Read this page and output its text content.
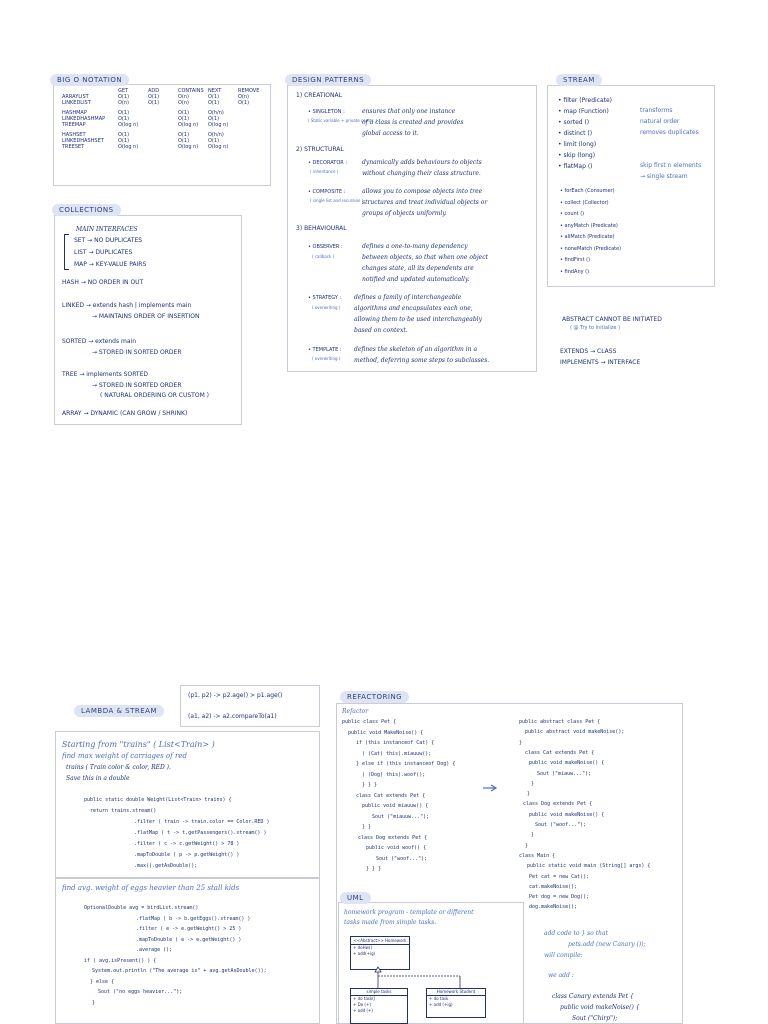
BIG O NOTATION
	GET	ADD	CONTAINS	NEXT	REMOVE
ARRAYLIST	O(1)	O(1)	O(n)	O(1)	O(n)
LINKEDLIST	O(n)	O(1)	O(n)	O(1)	O(1)

HASHMAP	O(1)		O(1)	O(h/n)	
LINKEDHASHMAP	O(1)		O(1)	O(1)	
TREEMAP	O(log n)		O(log n)	O(log n)	

HASHSET	O(1)		O(1)	O(h/n)	
LINKEDHASHSET	O(1)		O(1)	O(1)	
TREESET	O(log n)		O(log n)	O(log n)	
COLLECTIONS
MAIN INTERFACES
SET → NO DUPLICATES
LIST → DUPLICATES
MAP → KEY-VALUE PAIRS
HASH → NO ORDER IN OUT
LINKED → extends hash | implements main
→ MAINTAINS ORDER OF INSERTION
SORTED → extends main
→ STORED IN SORTED ORDER
TREE → implements SORTED
→ STORED IN SORTED ORDER
( NATURAL ORDERING OR CUSTOM )
ARRAY → DYNAMIC (CAN GROW / SHRINK)
DESIGN PATTERNS
1) CREATIONAL
• SINGLETON :
( Static variable + private constr. )
ensures that only one instance
of a class is created and provides
global access to it.
2) STRUCTURAL
• DECORATOR :
( inheritance )
dynamically adds behaviours to objects
without changing their class structure.
• COMPOSITE :
( single list and recursion )
allows you to compose objects into tree
structures and treat individual objects or
groups of objects uniformly.
3) BEHAVIOURAL
• OBSERVER :
( callback )
defines a one-to-many dependency
between objects, so that when one object
changes state, all its dependents are
notified and updated automatically.
• STRATEGY :
( overwriting )
defines a family of interchangeable
algorithms and encapsulates each one,
allowing them to be used interchangeably
based on context.
• TEMPLATE :
( overwriting )
defines the skeleton of an algorithm in a
method, deferring some steps to subclasses.
STREAM
• filter (Predicate)
transforms
• map (Function)
natural order
• sorted ()
removes duplicates
• distinct ()
• limit (long)
• skip (long)
skip first n elements
• flatMap ()
→ single stream
• forEach (Consumer)
• collect (Collector)
• count ()
• anyMatch (Predicate)
• allMatch (Predicate)
• noneMatch (Predicate)
• findFirst ()
• findAny ()
ABSTRACT CANNOT BE INITIATED
( @ Try to initialize )
EXTENDS → CLASS
IMPLEMENTS → INTERFACE
LAMBDA & STREAM
(p1, p2) -> p2.age() > p1.age()
(a1, a2) -> a2.compareTo(a1)
Starting from "trains" ( List<Train> )
find max weight of carriages of red
trains ( Train color & color, RED ).
Save this in a double
public static double Weight(List<Train> trains) {
return trains.stream()
.filter ( train -> train.color == Color.RED )
.flatMap ( t -> t.getPassengers().stream() )
.filter ( c -> c.getWeight() > 78 )
.mapToDouble ( p -> p.getWeight() )
.max().getAsDouble();
find avg. weight of eggs heavier than 25 stall kids
OptionalDouble avg = birdList.stream()
.flatMap ( b -> b.getEggs().stream() )
.filter ( e -> e.getWeight() > 25 )
.mapToDouble ( e -> e.getWeight() )
.average ();
if ( avg.isPresent() ) {
System.out.println ("The average is" + avg.getAsDouble());
} else {
Sout ("no eggs heavier...");
}
REFACTORING
Refactor
public class Pet {
public void MakeNoise() {
if (this instanceof Cat) {
( (Cat) this).miauuw();
} else if (this instanceof Dog) {
( (Dog) this).woof();
} } }
class Cat extends Pet {
public void miauuw() {
Sout ("miauuw...");
} }
class Dog extends Pet {
public void woof() {
Sout ("woof...");
} } }
public abstract class Pet {
public abstract void makeNoise();
}
class Cat extends Pet {
public void makeNoise() {
Sout ("miauw...");
}
}
class Dog extends Pet {
public void makeNoise() {
Sout ("woof...");
}
}
class Main {
public static void main (String[] args) {
Pet cat = new Cat();
cat.makeNoise();
Pet dog = new Dog();
dog.makeNoise();
add code to } so that
pets.add (new Canary ());
will compile:
we add :
class Canary extends Pet {
public void makeNoise() {
Sout ("Chirp");
UML
homework program - template or different
tasks made from simple tasks.
<<Abstract>> Homework
+ doHw()
+ add(+ig)
simple tasks
+ do task()
+ Do (+)
+ add (+)
Homework Student
+ do task
+ add (+ig)
